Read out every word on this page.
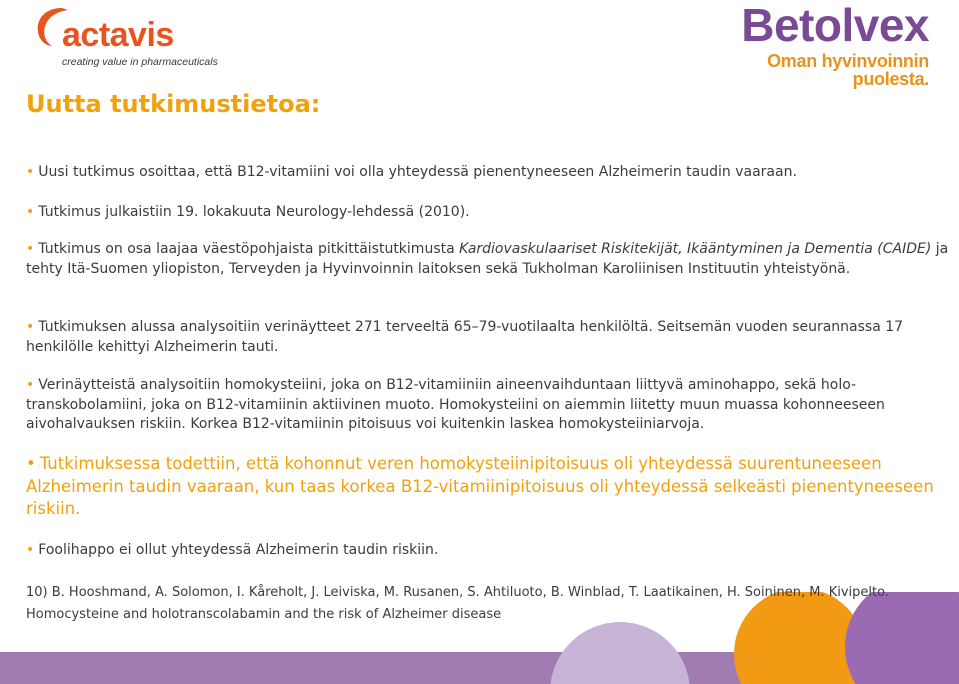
actavis
creating value in pharmaceuticals
Betolvex
Oman hyvinvoinnin puolesta.
Uutta tutkimustietoa:
• Uusi tutkimus osoittaa, että B12-vitamiini voi olla yhteydessä pienentyneeseen Alzheimerin taudin vaaraan.
• Tutkimus julkaistiin 19. lokakuuta Neurology-lehdessä (2010).
• Tutkimus on osa laajaa väestöpohjaista pitkittäistutkimusta Kardiovaskulaariset Riskitekijät, Ikääntyminen ja Dementia (CAIDE) ja tehty Itä-Suomen yliopiston, Terveyden ja Hyvinvoinnin laitoksen sekä Tukholman Karoliinisen Instituutin yhteistyönä.
• Tutkimuksen alussa analysoitiin verinäytteet 271 terveeltä 65–79-vuotilaalta henkilöltä. Seitsemän vuoden seurannassa 17 henkilölle kehittyi Alzheimerin tauti.
• Verinäytteistä analysoitiin homokysteiini, joka on B12-vitamiiniin aineenvaihduntaan liittyvä aminohappo, sekä holo-transkobolamiini, joka on B12-vitamiinin aktiivinen muoto. Homokysteiini on aiemmin liitetty muun muassa kohonneeseen aivohalvauksen riskiin. Korkea B12-vitamiinin pitoisuus voi kuitenkin laskea homokysteiiniarvoja.
• Tutkimuksessa todettiin, että kohonnut veren homokysteiinipitoisuus oli yhteydessä suurentuneeseen Alzheimerin taudin vaaraan, kun taas korkea B12-vitamiinipitoisuus oli yhteydessä selkeästi pienentyneeseen riskiin.
• Foolihappo ei ollut yhteydessä Alzheimerin taudin riskiin.
10) B. Hooshmand, A. Solomon, I. Kåreholt, J. Leiviska, M. Rusanen, S. Ahtiluoto, B. Winblad, T. Laatikainen, H. Soininen, M. Kivipelto.
Homocysteine and holotranscolabamin and the risk of Alzheimer disease
